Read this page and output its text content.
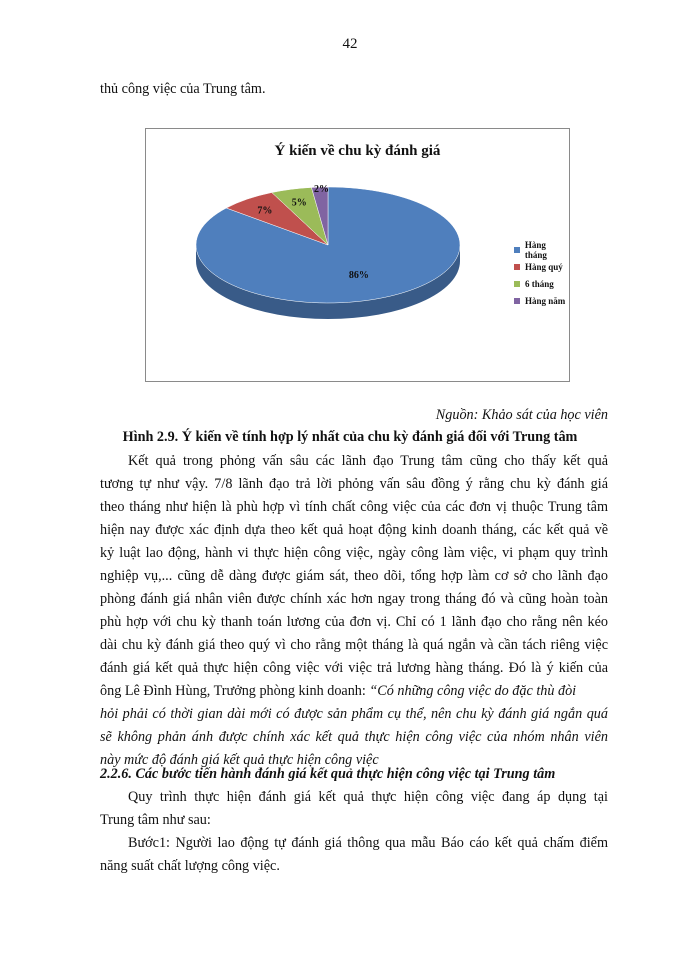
42
thủ công việc của Trung tâm.
Ý kiến về chu kỳ đánh giá
86%
7%
5%
2%
Hàng tháng
Hàng quý
6 tháng
Hàng năm
Nguồn: Khảo sát của học viên
Hình 2.9. Ý kiến về tính hợp lý nhất của chu kỳ đánh giá đối với Trung tâm
Kết quả trong phỏng vấn sâu các lãnh đạo Trung tâm cũng cho thấy kết quả
tương tự như vậy. 7/8 lãnh đạo trả lời phỏng vấn sâu đồng ý rằng chu kỳ đánh giá
theo tháng như hiện là phù hợp vì tính chất công việc của các đơn vị thuộc Trung tâm
hiện nay được xác định dựa theo kết quả hoạt động kinh doanh tháng, các kết quả về
kỷ luật lao động, hành vi thực hiện công việc, ngày công làm việc, vi phạm quy trình
nghiệp vụ,... cũng dễ dàng được giám sát, theo dõi, tổng hợp làm cơ sở cho lãnh đạo
phòng đánh giá nhân viên được chính xác hơn ngay trong tháng đó và cũng hoàn toàn
phù hợp với chu kỳ thanh toán lương của đơn vị. Chỉ có 1 lãnh đạo cho rằng nên kéo
dài chu kỳ đánh giá theo quý vì cho rằng một tháng là quá ngắn và cần tách riêng việc
đánh giá kết quả thực hiện công việc với việc trả lương hàng tháng. Đó là ý kiến của
ông Lê Đình Hùng, Trưởng phòng kinh doanh: “Có những công việc do đặc thù đòi
hỏi phải có thời gian dài mới có được sản phẩm cụ thể, nên chu kỳ đánh giá ngắn quá
sẽ không phản ánh được chính xác kết quả thực hiện công việc của nhóm nhân viên
này mức độ đánh giá kết quả thực hiện công việc
2.2.6. Các bước tiến hành đánh giá kết quả thực hiện công việc tại Trung tâm
Quy trình thực hiện đánh giá kết quả thực hiện công việc đang áp dụng tại
Trung tâm như sau:
Bước1: Người lao động tự đánh giá thông qua mẫu Báo cáo kết quả chấm điểm
năng suất chất lượng công việc.
